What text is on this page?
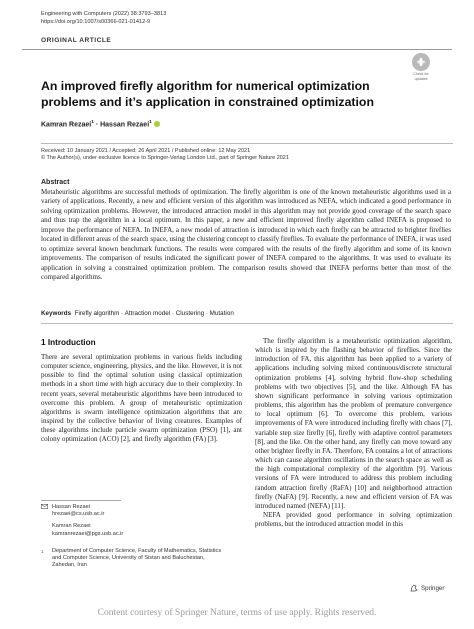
Engineering with Computers (2022) 38:3793–3813
https://doi.org/10.1007/s00366-021-01412-9
ORIGINAL ARTICLE
Check for
updates
An improved firefly algorithm for numerical optimization problems and it’s application in constrained optimization
Kamran Rezaei$^1$ · Hassan Rezaei$^1$
Received: 10 January 2021 / Accepted: 26 April 2021 / Published online: 12 May 2021
© The Author(s), under exclusive licence to Springer-Verlag London Ltd., part of Springer Nature 2021
Abstract
Metaheuristic algorithms are successful methods of optimization. The firefly algorithm is one of the known metaheuristic algorithms used in a variety of applications. Recently, a new and efficient version of this algorithm was introduced as NEFA, which indicated a good performance in solving optimization problems. However, the introduced attraction model in this algorithm may not provide good coverage of the search space and thus trap the algorithm in a local optimum. In this paper, a new and efficient improved firefly algorithm called INEFA is proposed to improve the performance of NEFA. In INEFA, a new model of attraction is introduced in which each firefly can be attracted to brighter fireflies located in different areas of the search space, using the clustering concept to classify fireflies. To evaluate the performance of INEFA, it was used to optimize several known benchmark functions. The results were compared with the results of the firefly algorithm and some of its known improvements. The comparison of results indicated the significant power of INEFA compared to the algorithms. It was used to evaluate its application in solving a constrained optimization problem. The comparison results showed that INEFA performs better than most of the compared algorithms.
Keywords Firefly algorithm · Attraction model · Clustering · Mutation
1 Introduction

There are several optimization problems in various fields including computer science, engineering, physics, and the like. However, it is not possible to find the optimal solution using classical optimization methods in a short time with high accuracy due to their complexity. In recent years, several metaheuristic algorithms have been introduced to overcome this problem. A group of metaheuristic optimization algorithms is swarm intelligence optimization algorithms that are inspired by the collective behavior of living creatures. Examples of these algorithms include particle swarm optimization (PSO) [1], ant colony optimization (ACO) [2], and firefly algorithm (FA) [3].

The firefly algorithm is a metaheuristic optimization algorithm, which is inspired by the flashing behavior of fireflies. Since the introduction of FA, this algorithm has been applied to a variety of applications including solving mixed continuous/discrete structural optimization problems [4], solving hybrid flow-shop scheduling problems with two objectives [5], and the like. Although FA has shown significant performance in solving various optimization problems, this algorithm has the problem of premature convergence to local optimum [6]. To overcome this problem, various improvements of FA were introduced including firefly with chaos [7], variable step size firefly [6], firefly with adaptive control parameters [8], and the like. On the other hand, any firefly can move toward any other brighter firefly in FA. Therefore, FA contains a lot of attractions which can cause algorithm oscillations in the search space as well as the high computational complexity of the algorithm [9]. Various versions of FA were introduced to address this problem including random attraction firefly (RaFA) [10] and neighborhood attraction firefly (NaFA) [9]. Recently, a new and efficient version of FA was introduced named (NEFA) [11].

NEFA provided good performance in solving optimization problems, but the introduced attraction model in this

Hassan Rezaei
hrezaei@cs.usb.ac.ir
Kamran Rezaei
kamranrezaei@pgs.usb.ac.ir
1 Department of Computer Science, Faculty of Mathematics, Statistics and Computer Science, University of Sistan and Baluchestan, Zahedan, Iran
Springer
Content courtesy of Springer Nature, terms of use apply. Rights reserved.
